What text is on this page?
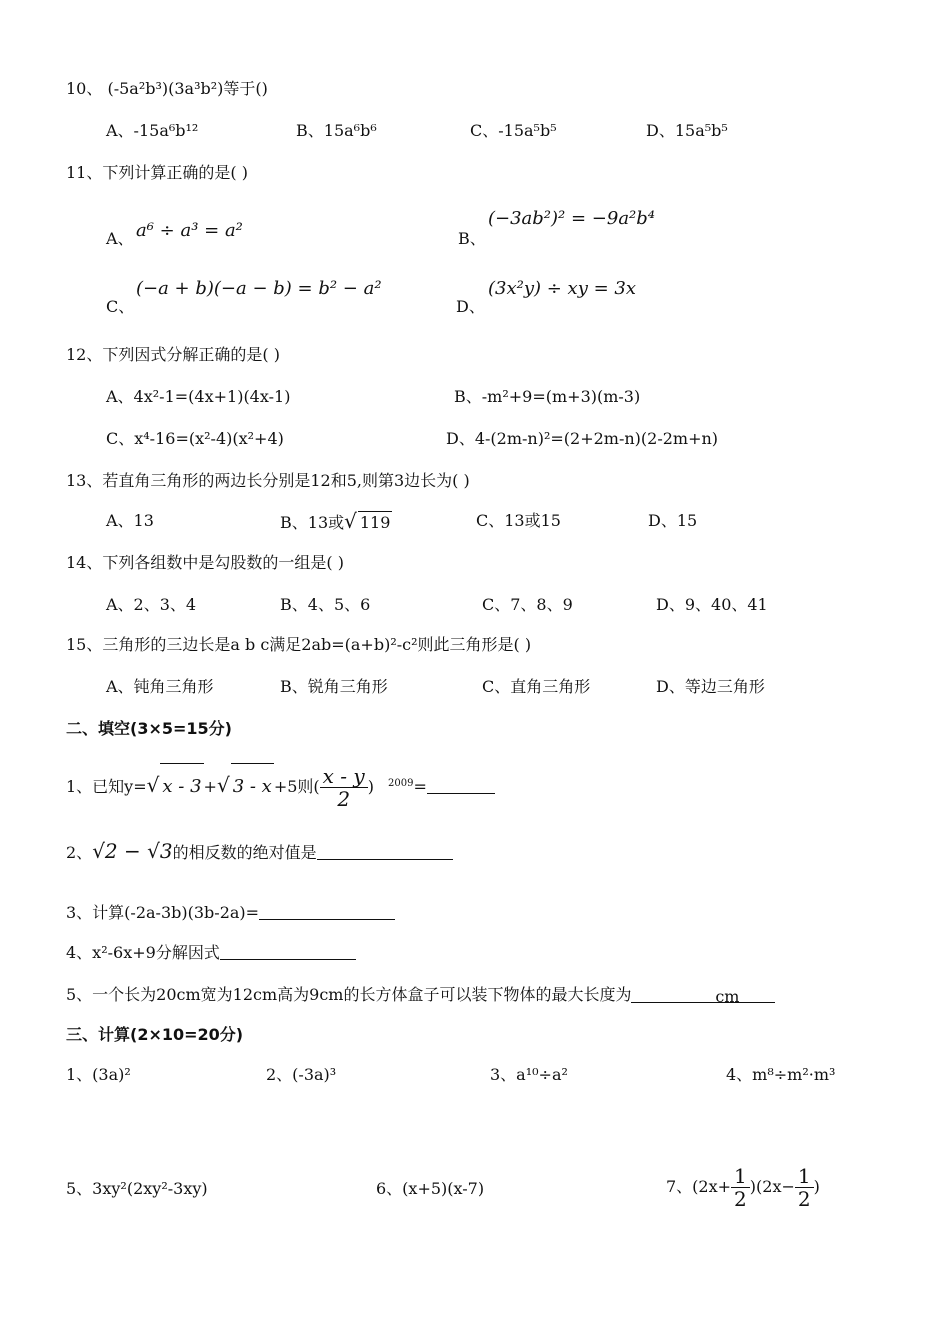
10、 (-5a²b³)(3a³b²)等于()
A、-15a⁶b¹²	B、15a⁶b⁶	C、-15a⁵b⁵	D、15a⁵b⁵
11、下列计算正确的是( )
A、 a⁶ ÷ a³ = a²	B、
(−3ab²)² = −9a²b⁴
C、
(−a + b)(−a − b) = b² − a²
D、
(3x²y) ÷ xy = 3x
12、下列因式分解正确的是( )
A、4x²-1=(4x+1)(4x-1)	B、-m²+9=(m+3)(m-3)
C、x⁴-16=(x²-4)(x²+4)	D、4-(2m-n)²=(2+2m-n)(2-2m+n)
13、若直角三角形的两边长分别是12和5,则第3边长为( )
A、13	B、13或√ 119	C、13或15	D、15
14、下列各组数中是勾股数的一组是( )
A、2、3、4	B、4、5、6	C、7、8、9	D、9、40、41
15、三角形的三边长是a b c满足2ab=(a+b)²-c²则此三角形是( )
A、钝角三角形	B、锐角三角形	C、直角三角形	D、等边三角形
二、填空(3×5=15分)
1、已知y=√ x - 3 +√ 3 - x +5则( $\frac{x - y}{2}$ ) $^{2009}$=
2、√2 − √3的相反数的绝对值是
3、计算(-2a-3b)(3b-2a)=
4、x²-6x+9分解因式
5、一个长为20cm宽为12cm高为9cm的长方体盒子可以装下物体的最大长度为	cm
三、计算(2×10=20分)
1、(3a)²	2、(-3a)³	3、a¹⁰÷a²	4、m⁸÷m²·m³
5、3xy²(2xy²-3xy)	6、(x+5)(x-7)	7、$(2x+ \frac{1}{2} )(2x- \frac{1}{2}$ )
